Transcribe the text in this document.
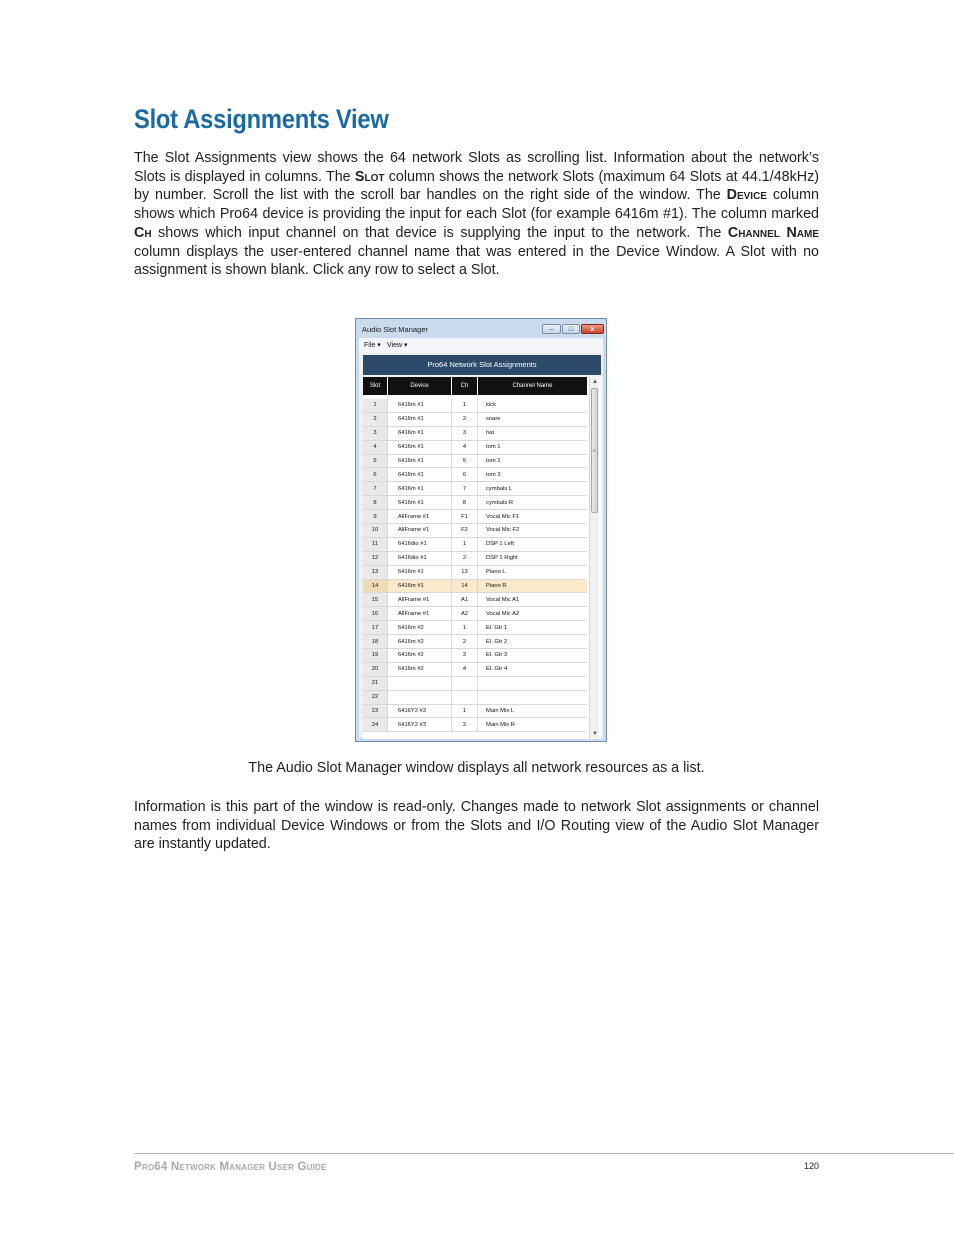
Slot Assignments View
The Slot Assignments view shows the 64 network Slots as scrolling list. Information about the network’s Slots is displayed in columns. The Slot column shows the network Slots (maximum 64 Slots at 44.1/48kHz) by number. Scroll the list with the scroll bar handles on the right side of the window. The Device column shows which Pro64 device is providing the input for each Slot (for example 6416m #1). The column marked Ch shows which input channel on that device is supplying the input to the network. The Channel Name column displays the user-entered channel name that was entered in the Device Window. A Slot with no assignment is shown blank. Click any row to select a Slot.
Audio Slot Manager	– □ x
File ▾ View ▾
Pro64 Network Slot Assignments
Slot	Device	Ch	Channel Name
1	6416m #1	1	kick
2	6416m #1	2	snare
3	6416m #1	3	hat
4	6416m #1	4	tom 1
5	6416m #1	5	tom 2
6	6416m #1	6	tom 3
7	6416m #1	7	cymbals L
8	6416m #1	8	cymbals R
9	AllFrame #1	F1	Vocal Mic F1
10	AllFrame #1	F2	Vocal Mic F2
11	6416dio #1	1	DSP 1 Left
12	6416dio #1	2	DSP 1 Right
13	6416m #1	13	Piano L
14	6416m #1	14	Piano R
15	AllFrame #1	A1	Vocal Mic A1
16	AllFrame #1	A2	Vocal Mic A2
17	6416m #2	1	El. Gtr 1
18	6416m #2	2	El. Gtr 2
19	6416m #2	3	El. Gtr 3
20	6416m #2	4	El. Gtr 4
21
22
23	6416Y2 #3	1	Main Mix L
24	6416Y2 #3	2	Main Mix R
▲
≡
▼
The Audio Slot Manager window displays all network resources as a list.
Information is this part of the window is read-only. Changes made to network Slot assignments or channel names from individual Device Windows or from the Slots and I/O Routing view of the Audio Slot Manager are instantly updated.
Pro64 Network Manager User Guide	120
